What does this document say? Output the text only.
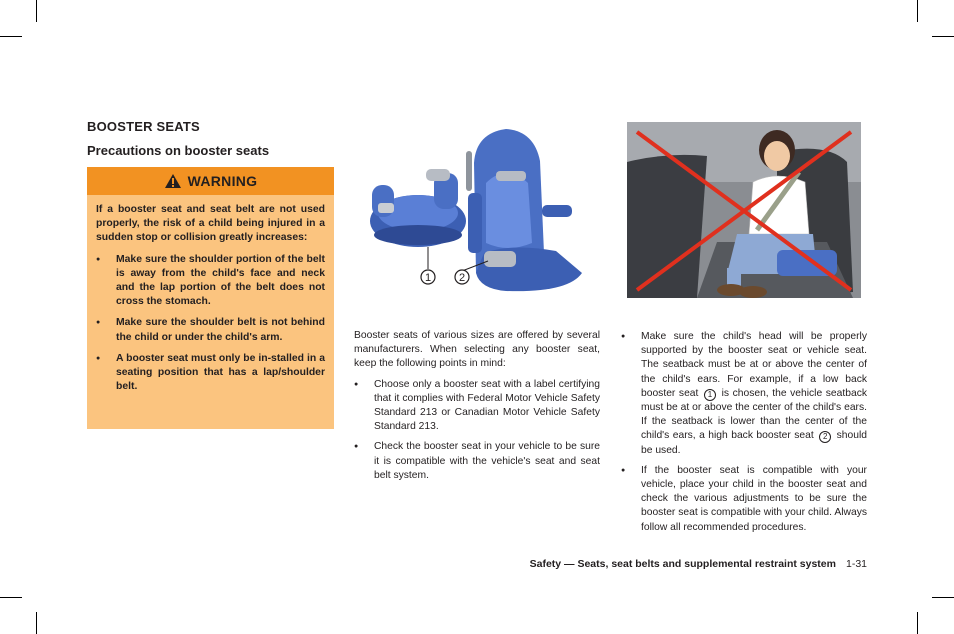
BOOSTER SEATS
Precautions on booster seats
WARNING

If a booster seat and seat belt are not used properly, the risk of a child being injured in a sudden stop or collision greatly increases:

● Make sure the shoulder portion of the belt is away from the child's face and neck and the lap portion of the belt does not cross the stomach.
● Make sure the shoulder belt is not behind the child or under the child's arm.
● A booster seat must only be in-stalled in a seating position that has a lap/shoulder belt.
1	2

Booster seats of various sizes are offered by several manufacturers. When selecting any booster seat, keep the following points in mind:

● Choose only a booster seat with a label certifying that it complies with Federal Motor Vehicle Safety Standard 213 or Canadian Motor Vehicle Safety Standard 213.
● Check the booster seat in your vehicle to be sure it is compatible with the vehicle's seat and seat belt system.
● Make sure the child's head will be properly supported by the booster seat or vehicle seat. The seatback must be at or above the center of the child's ears. For example, if a low back booster seat 1 is chosen, the vehicle seatback must be at or above the center of the child's ears. If the seatback is lower than the center of the child's ears, a high back booster seat 2 should be used.
● If the booster seat is compatible with your vehicle, place your child in the booster seat and check the various adjustments to be sure the booster seat is compatible with your child. Always follow all recommended procedures.
Safety — Seats, seat belts and supplemental restraint system 1-31
